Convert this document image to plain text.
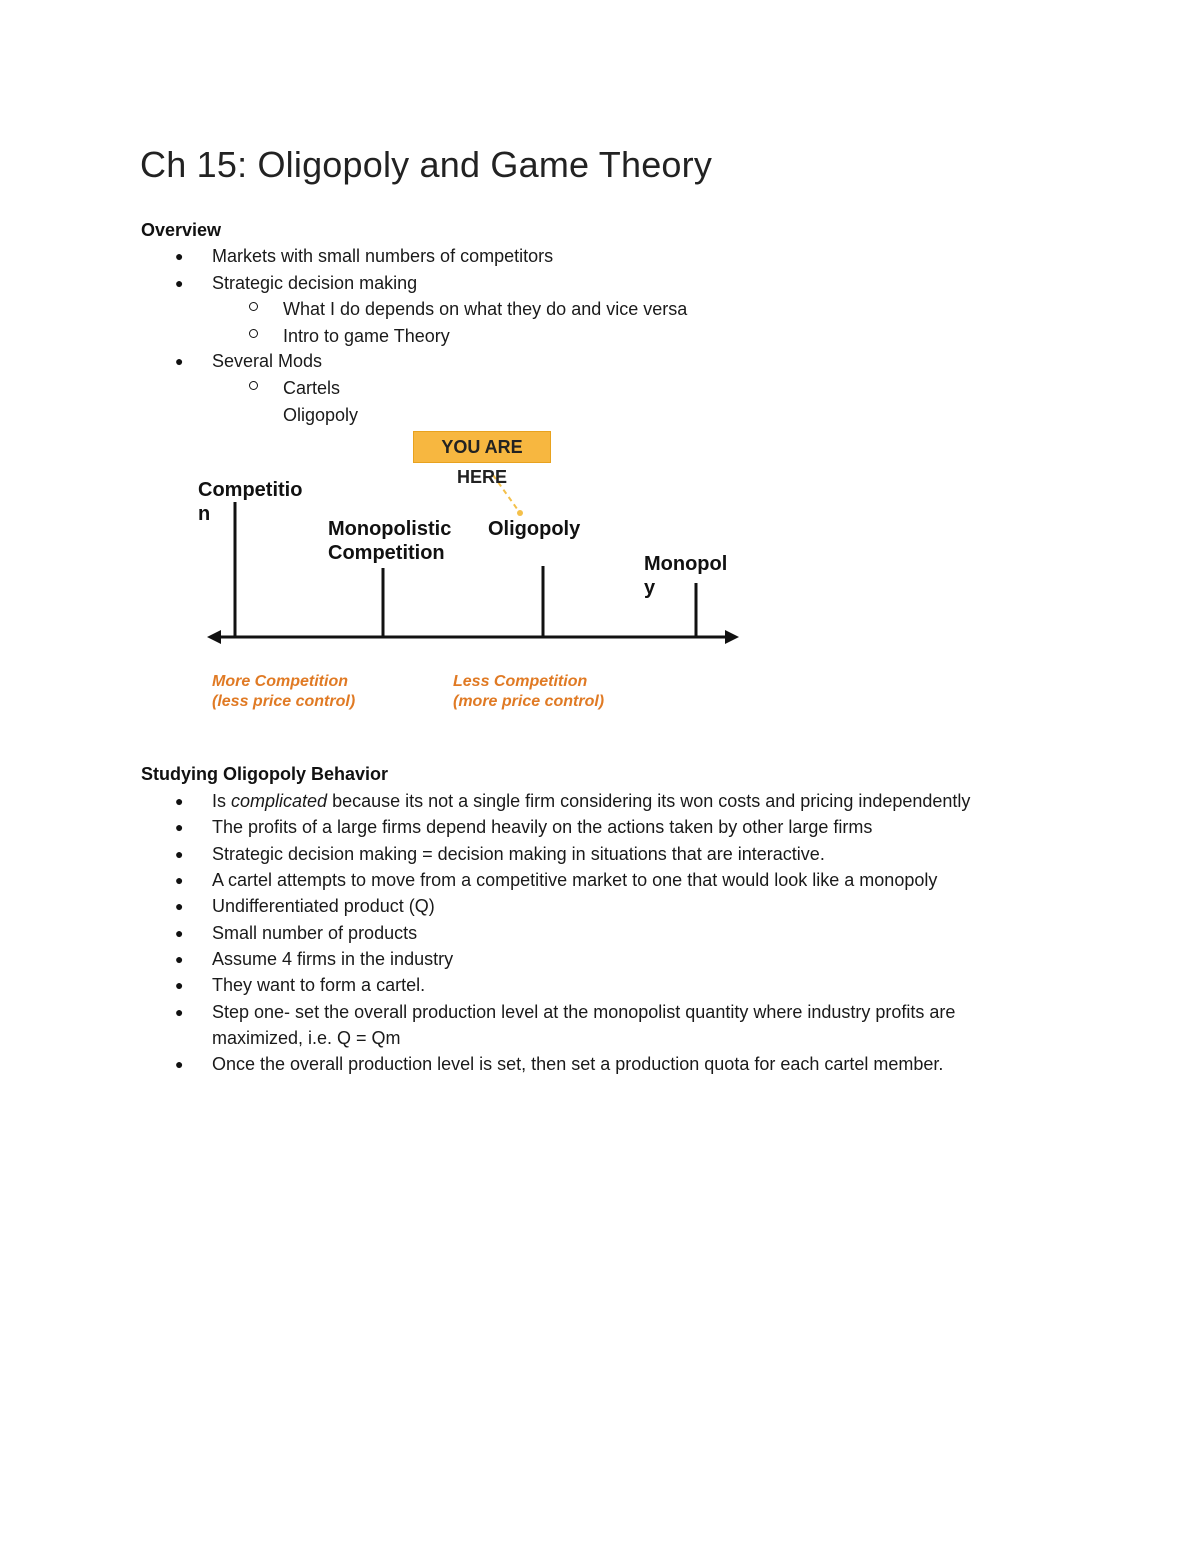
Ch 15: Oligopoly and Game Theory
Overview
● Markets with small numbers of competitors
● Strategic decision making
What I do depends on what they do and vice versa
Intro to game Theory
● Several Mods
Cartels
Oligopoly
YOU ARE HERE
Competitio
n
Monopolistic
Competition
Oligopoly
Monopol
y
More Competition
(less price control)
Less Competition
(more price control)
Studying Oligopoly Behavior
● Is complicated because its not a single firm considering its won costs and pricing independently
● The profits of a large firms depend heavily on the actions taken by other large firms
● Strategic decision making = decision making in situations that are interactive.
● A cartel attempts to move from a competitive market to one that would look like a monopoly
● Undifferentiated product (Q)
● Small number of products
● Assume 4 firms in the industry
● They want to form a cartel.
● Step one- set the overall production level at the monopolist quantity where industry profits are
maximized, i.e. Q = Qm
● Once the overall production level is set, then set a production quota for each cartel member.
